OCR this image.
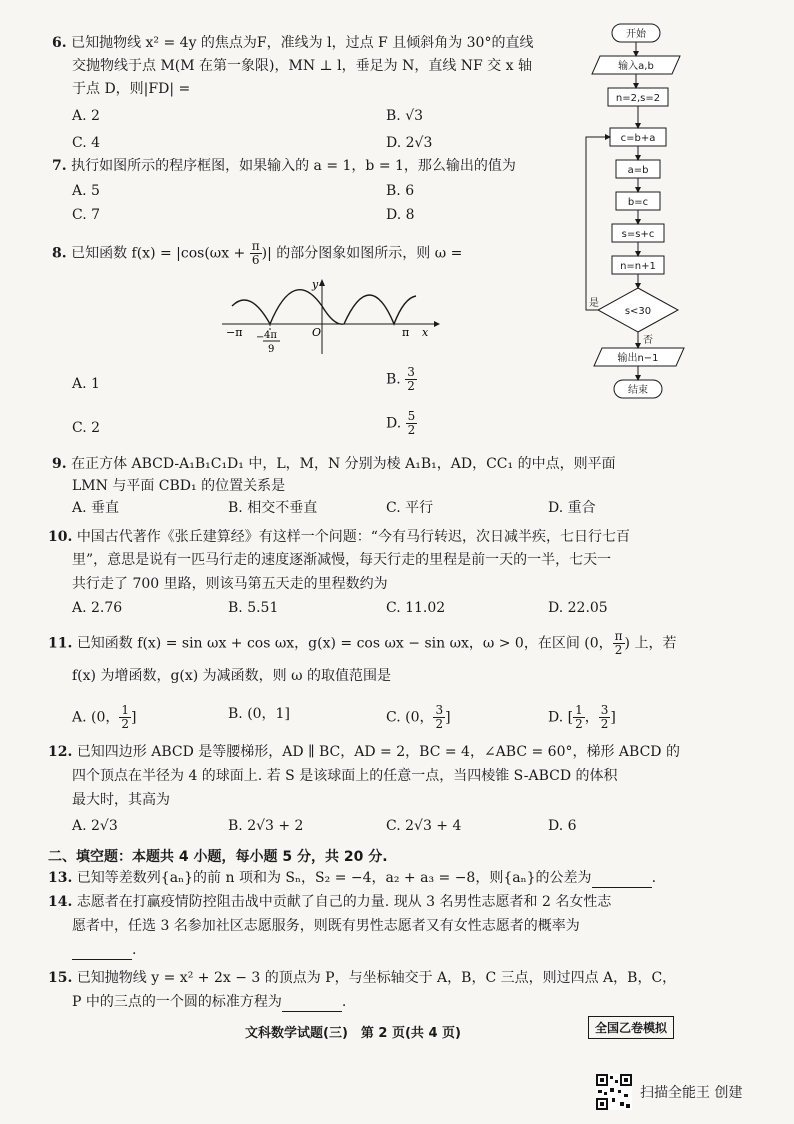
6. 已知抛物线 x² = 4y 的焦点为F，准线为 l，过点 F 且倾斜角为 30°的直线
交抛物线于点 M(M 在第一象限)，MN ⊥ l，垂足为 N，直线 NF 交 x 轴
于点 D，则|FD| =
A. 2	B. √3
C. 4	D. 2√3
7. 执行如图所示的程序框图，如果输入的 a = 1，b = 1，那么输出的值为
A. 5	B. 6
C. 7	D. 8
8. 已知函数 $f(x) = |\cos(\omega x + \frac{\pi}{6}$ )| 的部分图象如图所示，则 ω =
−π	π x
y
O
− 4π
9
A. 1	B. $\frac{3}{2}$
C. 2	D. $\frac{5}{2}$
9. 在正方体 ABCD-A₁B₁C₁D₁ 中，L，M，N 分别为棱 A₁B₁，AD，CC₁ 的中点，则平面
LMN 与平面 CBD₁ 的位置关系是
A. 垂直	B. 相交不垂直	C. 平行	D. 重合
10. 中国古代著作《张丘建算经》有这样一个问题：“今有马行转迟，次日减半疾，七日行七百
里”，意思是说有一匹马行走的速度逐渐减慢，每天行走的里程是前一天的一半，七天一
共行走了 700 里路，则该马第五天走的里程数约为
A. 2.76	B. 5.51	C. 11.02	D. 22.05
11. 已知函数 f(x) = sin ωx + cos ωx，g(x) = cos ωx − sin ωx，ω > 0，在区间 (0， $\frac{\pi}{2}$ ) 上，若
f(x) 为增函数，g(x) 为减函数，则 ω 的取值范围是
A. (0， $\frac{1}{2}$ ]	B. (0，1]	C. (0， $\frac{3}{2}$ ]	D. [ $\frac{1}{2}$ ， $\frac{3}{2}$ ]
12. 已知四边形 ABCD 是等腰梯形，AD ∥ BC，AD = 2，BC = 4，∠ABC = 60°，梯形 ABCD 的
四个顶点在半径为 4 的球面上. 若 S 是该球面上的任意一点，当四棱锥 S-ABCD 的体积
最大时，其高为
A. 2√3	B. 2√3 + 2	C. 2√3 + 4	D. 6
二、填空题：本题共 4 小题，每小题 5 分，共 20 分.
13. 已知等差数列{aₙ}的前 n 项和为 Sₙ，S₂ = −4，a₂ + a₃ = −8，则{aₙ}的公差为	.
14. 志愿者在打赢疫情防控阻击战中贡献了自己的力量. 现从 3 名男性志愿者和 2 名女性志
愿者中，任选 3 名参加社区志愿服务，则既有男性志愿者又有女性志愿者的概率为
.
15. 已知抛物线 y = x² + 2x − 3 的顶点为 P，与坐标轴交于 A，B，C 三点，则过四点 A，B，C，
P 中的三点的一个圆的标准方程为	.
文科数学试题(三)　第 2 页(共 4 页)	全国乙卷模拟
扫描全能王 创建
开始
输入a,b
n=2,s=2
c=b+a
a=b
b=c
s=s+c
n=n+1
s<30
输出n−1
结束
是
否
